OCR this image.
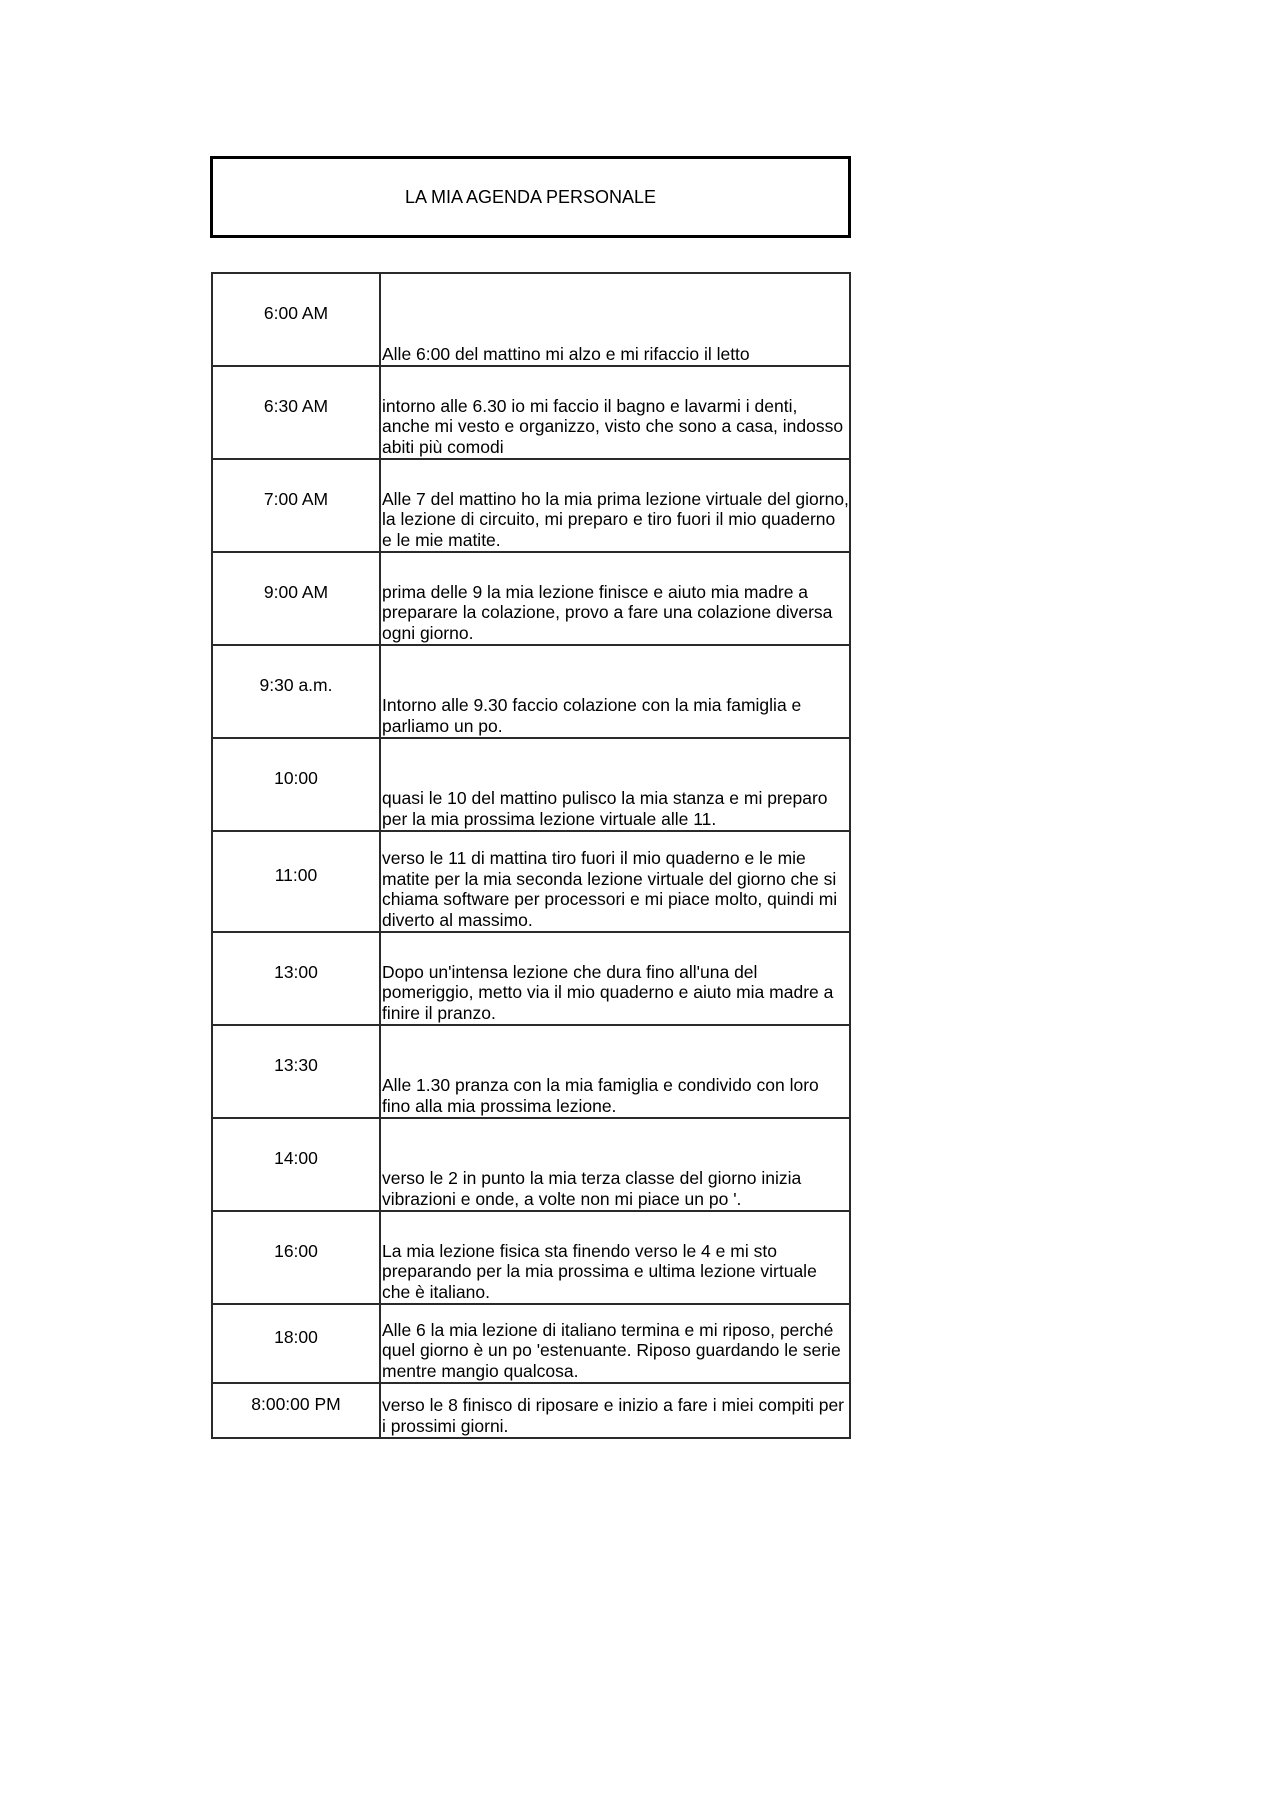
LA MIA AGENDA PERSONALE
6:00 AM	Alle 6:00 del mattino mi alzo e mi rifaccio il letto
6:30 AM	intorno alle 6.30 io mi faccio il bagno e lavarmi i denti, anche mi vesto e organizzo, visto che sono a casa, indosso abiti più comodi
7:00 AM	Alle 7 del mattino ho la mia prima lezione virtuale del giorno, la lezione di circuito, mi preparo e tiro fuori il mio quaderno e le mie matite.
9:00 AM	prima delle 9 la mia lezione finisce e aiuto mia madre a preparare la colazione, provo a fare una colazione diversa ogni giorno.
9:30 a.m.	Intorno alle 9.30 faccio colazione con la mia famiglia e parliamo un po.
10:00	quasi le 10 del mattino pulisco la mia stanza e mi preparo per la mia prossima lezione virtuale alle 11.
11:00	verso le 11 di mattina tiro fuori il mio quaderno e le mie matite per la mia seconda lezione virtuale del giorno che si chiama software per processori e mi piace molto, quindi mi diverto al massimo.
13:00	Dopo un'intensa lezione che dura fino all'una del pomeriggio, metto via il mio quaderno e aiuto mia madre a finire il pranzo.
13:30	Alle 1.30 pranza con la mia famiglia e condivido con loro fino alla mia prossima lezione.
14:00	verso le 2 in punto la mia terza classe del giorno inizia vibrazioni e onde, a volte non mi piace un po '.
16:00	La mia lezione fisica sta finendo verso le 4 e mi sto preparando per la mia prossima e ultima lezione virtuale che è italiano.
18:00	Alle 6 la mia lezione di italiano termina e mi riposo, perché quel giorno è un po 'estenuante. Riposo guardando le serie mentre mangio qualcosa.
8:00:00 PM	verso le 8 finisco di riposare e inizio a fare i miei compiti per i prossimi giorni.
